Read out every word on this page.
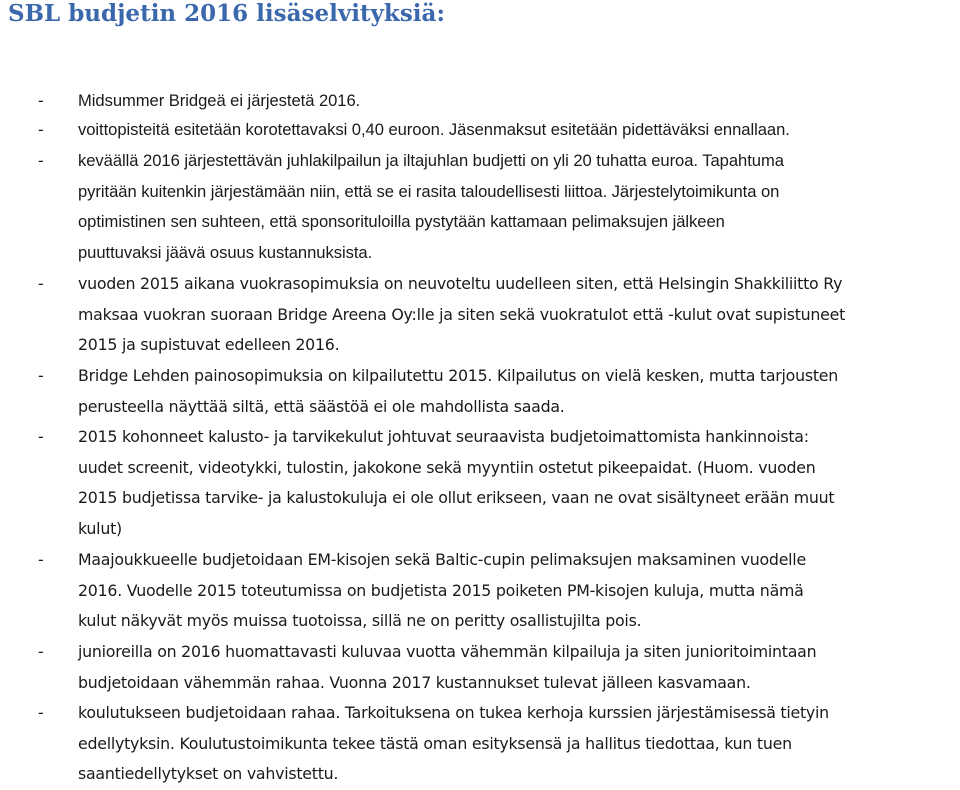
SBL budjetin 2016 lisäselvityksiä:
- Midsummer Bridgeä ei järjestetä 2016.

- voittopisteitä esitetään korotettavaksi 0,40 euroon. Jäsenmaksut esitetään pidettäväksi ennallaan.

- keväällä 2016 järjestettävän juhlakilpailun ja iltajuhlan budjetti on yli 20 tuhatta euroa. Tapahtuma
pyritään kuitenkin järjestämään niin, että se ei rasita taloudellisesti liittoa. Järjestelytoimikunta on
optimistinen sen suhteen, että sponsorituloilla pystytään kattamaan pelimaksujen jälkeen
puuttuvaksi jäävä osuus kustannuksista.

- vuoden 2015 aikana vuokrasopimuksia on neuvoteltu uudelleen siten, että Helsingin Shakkiliitto Ry
maksaa vuokran suoraan Bridge Areena Oy:lle ja siten sekä vuokratulot että -kulut ovat supistuneet
2015 ja supistuvat edelleen 2016.

- Bridge Lehden painosopimuksia on kilpailutettu 2015. Kilpailutus on vielä kesken, mutta tarjousten
perusteella näyttää siltä, että säästöä ei ole mahdollista saada.

- 2015 kohonneet kalusto- ja tarvikekulut johtuvat seuraavista budjetoimattomista hankinnoista:
uudet screenit, videotykki, tulostin, jakokone sekä myyntiin ostetut pikeepaidat. (Huom. vuoden
2015 budjetissa tarvike- ja kalustokuluja ei ole ollut erikseen, vaan ne ovat sisältyneet erään muut
kulut)

- Maajoukkueelle budjetoidaan EM-kisojen sekä Baltic-cupin pelimaksujen maksaminen vuodelle
2016. Vuodelle 2015 toteutumissa on budjetista 2015 poiketen PM-kisojen kuluja, mutta nämä
kulut näkyvät myös muissa tuotoissa, sillä ne on peritty osallistujilta pois.

- junioreilla on 2016 huomattavasti kuluvaa vuotta vähemmän kilpailuja ja siten junioritoimintaan
budjetoidaan vähemmän rahaa. Vuonna 2017 kustannukset tulevat jälleen kasvamaan.

- koulutukseen budjetoidaan rahaa. Tarkoituksena on tukea kerhoja kurssien järjestämisessä tietyin
edellytyksin. Koulutustoimikunta tekee tästä oman esityksensä ja hallitus tiedottaa, kun tuen
saantiedellytykset on vahvistettu.
